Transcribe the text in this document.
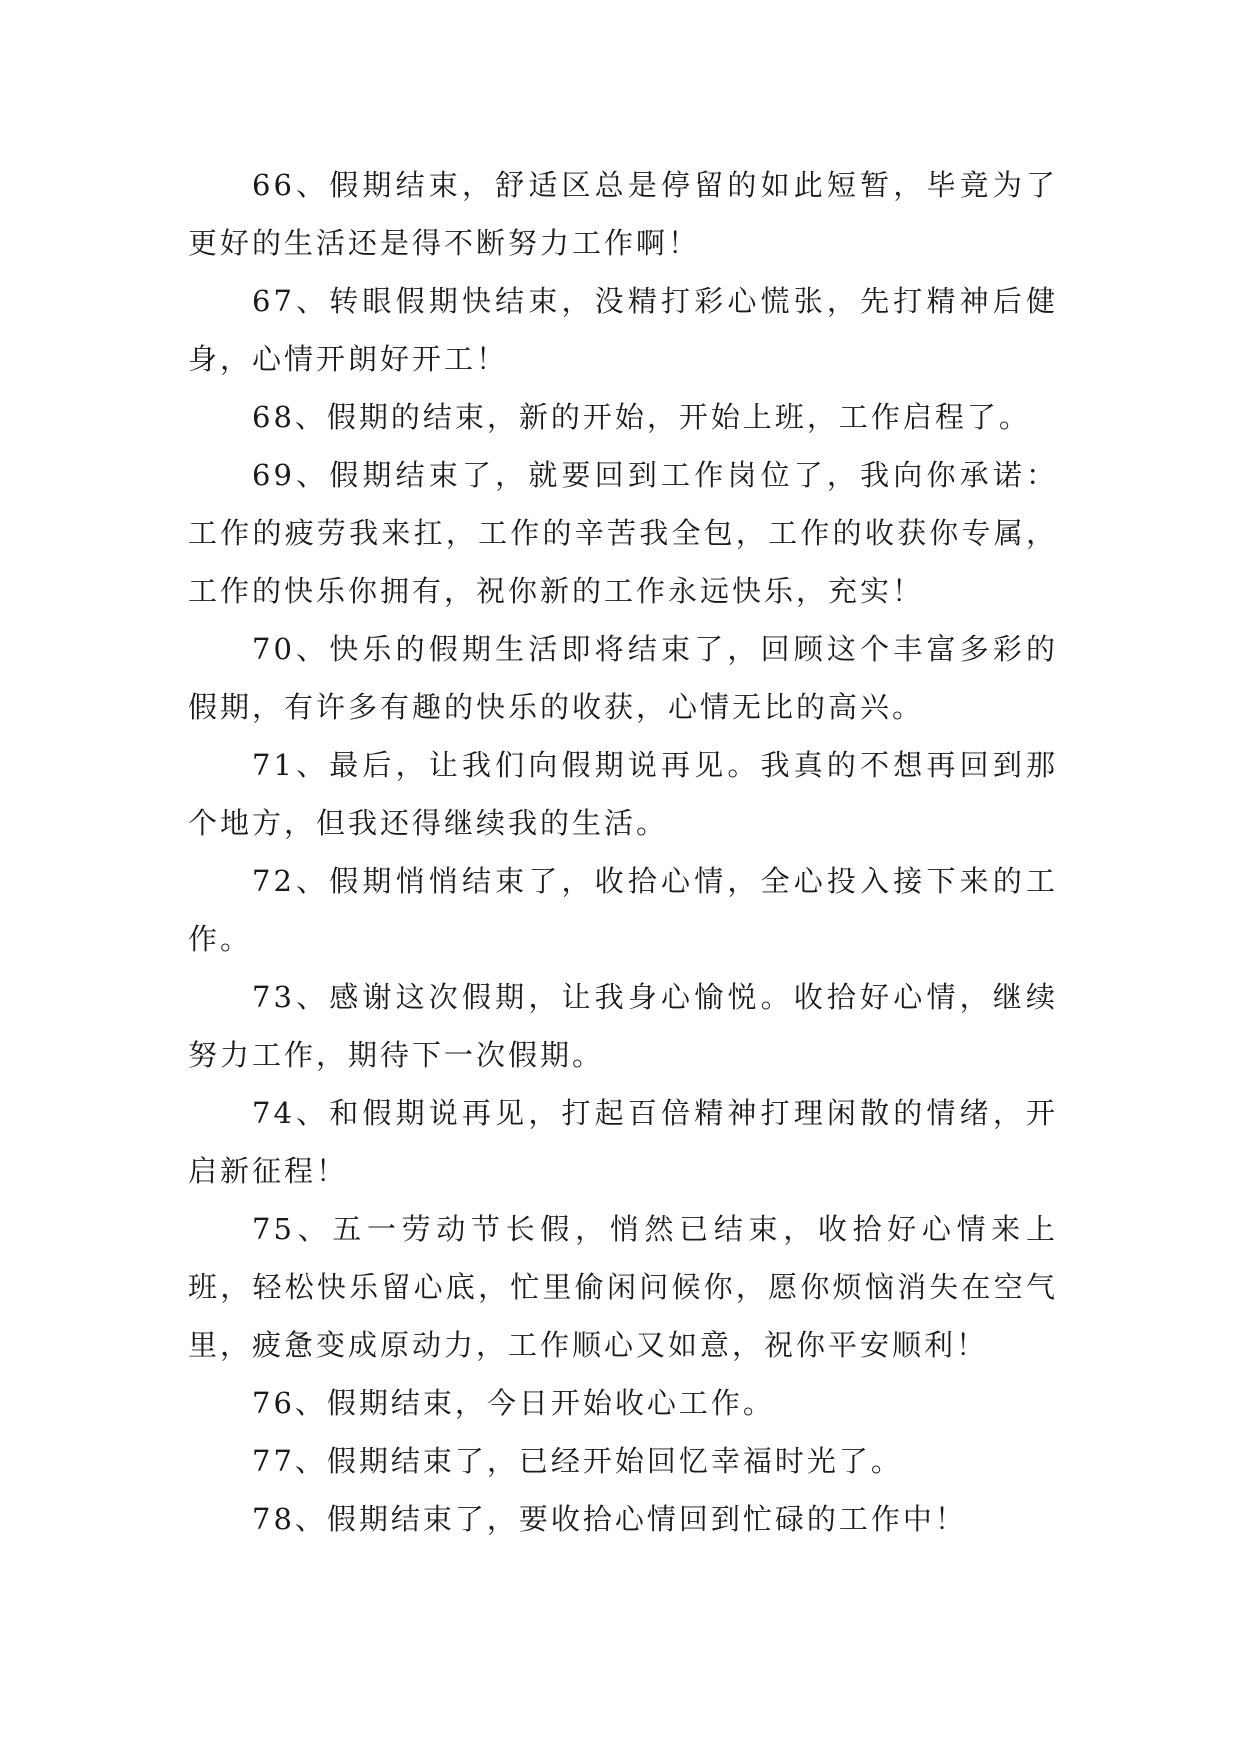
66、假期结束，舒适区总是停留的如此短暂，毕竟为了更好的生活还是得不断努力工作啊！

67、转眼假期快结束，没精打彩心慌张，先打精神后健身，心情开朗好开工！

68、假期的结束，新的开始，开始上班，工作启程了。

69、假期结束了，就要回到工作岗位了，我向你承诺：工作的疲劳我来扛，工作的辛苦我全包，工作的收获你专属，工作的快乐你拥有，祝你新的工作永远快乐，充实！

70、快乐的假期生活即将结束了，回顾这个丰富多彩的假期，有许多有趣的快乐的收获，心情无比的高兴。

71、最后，让我们向假期说再见。我真的不想再回到那个地方，但我还得继续我的生活。

72、假期悄悄结束了，收拾心情，全心投入接下来的工作。

73、感谢这次假期，让我身心愉悦。收拾好心情，继续努力工作，期待下一次假期。

74、和假期说再见，打起百倍精神打理闲散的情绪，开启新征程！

75、五一劳动节长假，悄然已结束，收拾好心情来上班，轻松快乐留心底，忙里偷闲问候你，愿你烦恼消失在空气里，疲惫变成原动力，工作顺心又如意，祝你平安顺利！

76、假期结束，今日开始收心工作。

77、假期结束了，已经开始回忆幸福时光了。

78、假期结束了，要收拾心情回到忙碌的工作中！
